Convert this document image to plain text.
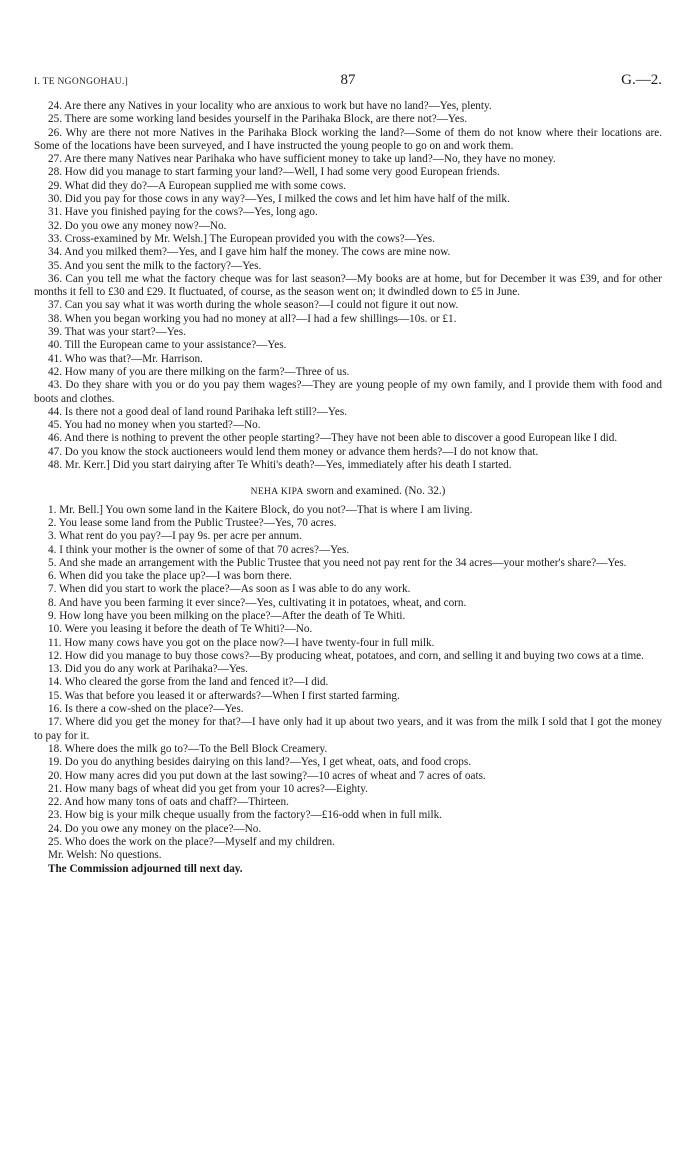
I. TE NGONGOHAU.]	87	G.—2.

24. Are there any Natives in your locality who are anxious to work but have no land?—Yes, plenty.

25. There are some working land besides yourself in the Parihaka Block, are there not?—Yes.

26. Why are there not more Natives in the Parihaka Block working the land?—Some of them do not know where their locations are. Some of the locations have been surveyed, and I have instructed the young people to go on and work them.

27. Are there many Natives near Parihaka who have sufficient money to take up land?—No, they have no money.

28. How did you manage to start farming your land?—Well, I had some very good European friends.

29. What did they do?—A European supplied me with some cows.

30. Did you pay for those cows in any way?—Yes, I milked the cows and let him have half of the milk.

31. Have you finished paying for the cows?—Yes, long ago.

32. Do you owe any money now?—No.

33. Cross-examined by Mr. Welsh.] The European provided you with the cows?—Yes.

34. And you milked them?—Yes, and I gave him half the money. The cows are mine now.

35. And you sent the milk to the factory?—Yes.

36. Can you tell me what the factory cheque was for last season?—My books are at home, but for December it was £39, and for other months it fell to £30 and £29. It fluctuated, of course, as the season went on; it dwindled down to £5 in June.

37. Can you say what it was worth during the whole season?—I could not figure it out now.

38. When you began working you had no money at all?—I had a few shillings—10s. or £1.

39. That was your start?—Yes.

40. Till the European came to your assistance?—Yes.

41. Who was that?—Mr. Harrison.

42. How many of you are there milking on the farm?—Three of us.

43. Do they share with you or do you pay them wages?—They are young people of my own family, and I provide them with food and boots and clothes.

44. Is there not a good deal of land round Parihaka left still?—Yes.

45. You had no money when you started?—No.

46. And there is nothing to prevent the other people starting?—They have not been able to discover a good European like I did.

47. Do you know the stock auctioneers would lend them money or advance them herds?—I do not know that.

48. Mr. Kerr.] Did you start dairying after Te Whiti's death?—Yes, immediately after his death I started.

NEHA KIPA sworn and examined. (No. 32.)

1. Mr. Bell.] You own some land in the Kaitere Block, do you not?—That is where I am living.

2. You lease some land from the Public Trustee?—Yes, 70 acres.

3. What rent do you pay?—I pay 9s. per acre per annum.

4. I think your mother is the owner of some of that 70 acres?—Yes.

5. And she made an arrangement with the Public Trustee that you need not pay rent for the 34 acres—your mother's share?—Yes.

6. When did you take the place up?—I was born there.

7. When did you start to work the place?—As soon as I was able to do any work.

8. And have you been farming it ever since?—Yes, cultivating it in potatoes, wheat, and corn.

9. How long have you been milking on the place?—After the death of Te Whiti.

10. Were you leasing it before the death of Te Whiti?—No.

11. How many cows have you got on the place now?—I have twenty-four in full milk.

12. How did you manage to buy those cows?—By producing wheat, potatoes, and corn, and selling it and buying two cows at a time.

13. Did you do any work at Parihaka?—Yes.

14. Who cleared the gorse from the land and fenced it?—I did.

15. Was that before you leased it or afterwards?—When I first started farming.

16. Is there a cow-shed on the place?—Yes.

17. Where did you get the money for that?—I have only had it up about two years, and it was from the milk I sold that I got the money to pay for it.

18. Where does the milk go to?—To the Bell Block Creamery.

19. Do you do anything besides dairying on this land?—Yes, I get wheat, oats, and food crops.

20. How many acres did you put down at the last sowing?—10 acres of wheat and 7 acres of oats.

21. How many bags of wheat did you get from your 10 acres?—Eighty.

22. And how many tons of oats and chaff?—Thirteen.

23. How big is your milk cheque usually from the factory?—£16-odd when in full milk.

24. Do you owe any money on the place?—No.

25. Who does the work on the place?—Myself and my children.

Mr. Welsh: No questions.

The Commission adjourned till next day.
